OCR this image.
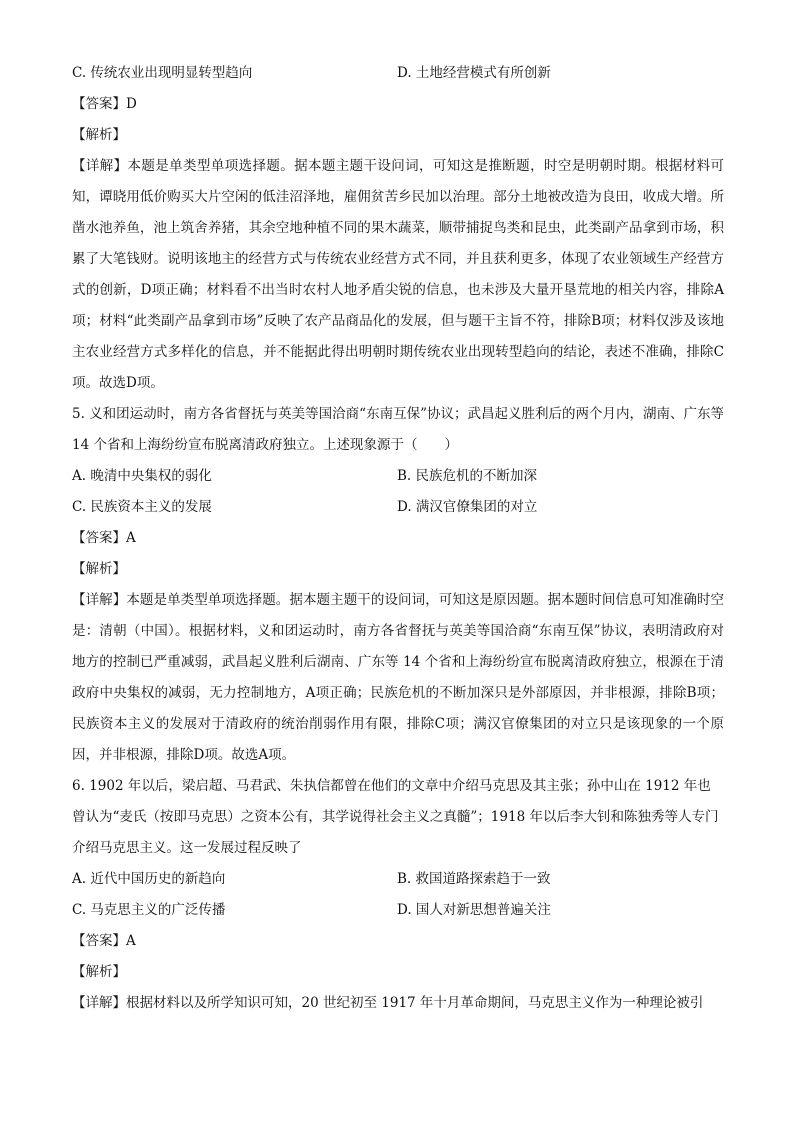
C. 传统农业出现明显转型趋向	D. 土地经营模式有所创新
【答案】D
【解析】
【详解】本题是单类型单项选择题。据本题主题干设问词，可知这是推断题，时空是明朝时期。根据材料可知，谭晓用低价购买大片空闲的低洼沼泽地，雇佣贫苦乡民加以治理。部分土地被改造为良田，收成大增。所凿水池养鱼，池上筑舍养猪，其余空地种植不同的果木蔬菜，顺带捕捉鸟类和昆虫，此类副产品拿到市场，积累了大笔钱财。说明该地主的经营方式与传统农业经营方式不同，并且获利更多，体现了农业领域生产经营方式的创新，D项正确；材料看不出当时农村人地矛盾尖锐的信息，也未涉及大量开垦荒地的相关内容，排除A项；材料“此类副产品拿到市场”反映了农产品商品化的发展，但与题干主旨不符，排除B项；材料仅涉及该地主农业经营方式多样化的信息，并不能据此得出明朝时期传统农业出现转型趋向的结论，表述不准确，排除C项。故选D项。
5. 义和团运动时，南方各省督抚与英美等国洽商“东南互保”协议；武昌起义胜利后的两个月内，湖南、广东等 14 个省和上海纷纷宣布脱离清政府独立。上述现象源于（　　）
A. 晚清中央集权的弱化	B. 民族危机的不断加深
C. 民族资本主义的发展	D. 满汉官僚集团的对立
【答案】A
【解析】
【详解】本题是单类型单项选择题。据本题主题干的设问词，可知这是原因题。据本题时间信息可知准确时空是：清朝（中国）。根据材料，义和团运动时，南方各省督抚与英美等国洽商“东南互保”协议，表明清政府对地方的控制已严重减弱，武昌起义胜利后湖南、广东等 14 个省和上海纷纷宣布脱离清政府独立，根源在于清政府中央集权的减弱，无力控制地方，A项正确；民族危机的不断加深只是外部原因，并非根源，排除B项；民族资本主义的发展对于清政府的统治削弱作用有限，排除C项；满汉官僚集团的对立只是该现象的一个原因，并非根源，排除D项。故选A项。
6. 1902 年以后，梁启超、马君武、朱执信都曾在他们的文章中介绍马克思及其主张；孙中山在 1912 年也曾认为“麦氏（按即马克思）之资本公有，其学说得社会主义之真髓”；1918 年以后李大钊和陈独秀等人专门介绍马克思主义。这一发展过程反映了
A. 近代中国历史的新趋向	B. 救国道路探索趋于一致
C. 马克思主义的广泛传播	D. 国人对新思想普遍关注
【答案】A
【解析】
【详解】根据材料以及所学知识可知，20 世纪初至 1917 年十月革命期间，马克思主义作为一种理论被引
